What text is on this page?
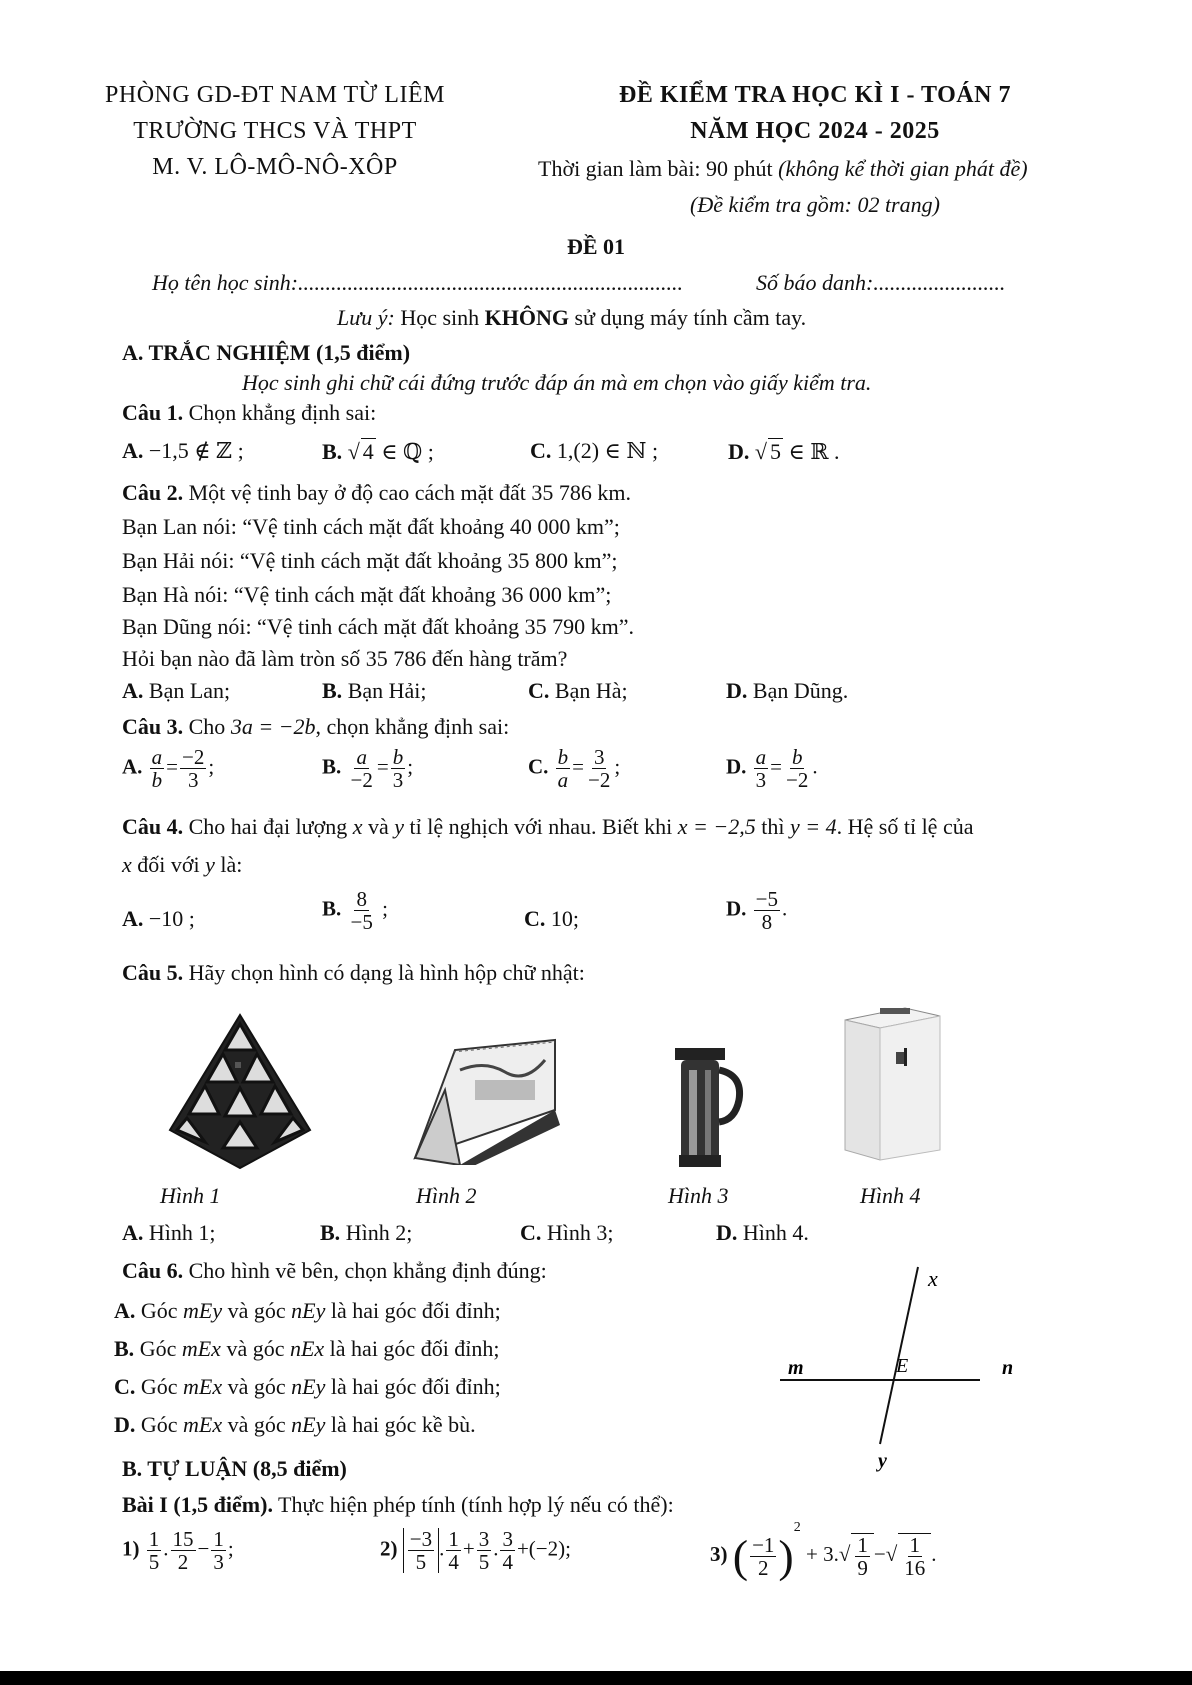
PHÒNG GD-ĐT NAM TỪ LIÊM
TRƯỜNG THCS VÀ THPT
M. V. LÔ-MÔ-NÔ-XÔP
ĐỀ KIỂM TRA HỌC KÌ I - TOÁN 7
NĂM HỌC 2024 - 2025
Thời gian làm bài: 90 phút (không kể thời gian phát đề)
(Đề kiểm tra gồm: 02 trang)
ĐỀ 01
Họ tên học sinh:......................................................................	Số báo danh:........................
Lưu ý: Học sinh KHÔNG sử dụng máy tính cầm tay.
A. TRẮC NGHIỆM (1,5 điểm)
Học sinh ghi chữ cái đứng trước đáp án mà em chọn vào giấy kiểm tra.
Câu 1. Chọn khẳng định sai:
A. −1,5 ∉ ℤ ;	B. √ 4 ∈ ℚ ;	C. 1,(2) ∈ ℕ ;	D. √ 5 ∈ ℝ .
Câu 2. Một vệ tinh bay ở độ cao cách mặt đất 35 786 km.
Bạn Lan nói: “Vệ tinh cách mặt đất khoảng 40 000 km”;
Bạn Hải nói: “Vệ tinh cách mặt đất khoảng 35 800 km”;
Bạn Hà nói: “Vệ tinh cách mặt đất khoảng 36 000 km”;
Bạn Dũng nói: “Vệ tinh cách mặt đất khoảng 35 790 km”.
Hỏi bạn nào đã làm tròn số 35 786 đến hàng trăm?
A. Bạn Lan;	B. Bạn Hải;	C. Bạn Hà;	D. Bạn Dũng.
Câu 3. Cho 3a = −2b, chọn khẳng định sai:
A. $\frac{a}{b} = \frac{-2}{3}$ ;	B. $\frac{a}{-2} = \frac{b}{3}$ ;	C. $\frac{b}{a} = \frac{3}{-2}$ ;	D. $\frac{a}{3} = \frac{b}{-2}$ .
Câu 4. Cho hai đại lượng x và y tỉ lệ nghịch với nhau. Biết khi x = −2,5 thì y = 4. Hệ số tỉ lệ của
x đối với y là:
A. −10 ;	B. $\frac{8}{-5}$ ;	C. 10;	D. $\frac{-5}{8}$ .
Câu 5. Hãy chọn hình có dạng là hình hộp chữ nhật:
Hình 1	Hình 2	Hình 3	Hình 4
A. Hình 1;	B. Hình 2;	C. Hình 3;	D. Hình 4.
Câu 6. Cho hình vẽ bên, chọn khẳng định đúng:
A. Góc mEy và góc nEy là hai góc đối đỉnh;
B. Góc mEx và góc nEx là hai góc đối đỉnh;
C. Góc mEx và góc nEy là hai góc đối đỉnh;
D. Góc mEx và góc nEy là hai góc kề bù.
x
m	E	n
y
B. TỰ LUẬN (8,5 điểm)
Bài I (1,5 điểm). Thực hiện phép tính (tính hợp lý nếu có thể):
$1) \frac{1}{5}$ . $\frac{15}{2} - \frac{1}{3}$ ;	$2) \frac{-3}{5}$ . $\frac{1}{4} + \frac{3}{5}$ . $\frac{3}{4} +(-2)$;	3) ( $\frac{-1}{2} )^2 + 3.√ \frac{1}{9}$ −√ $\frac{1}{16}$ .
